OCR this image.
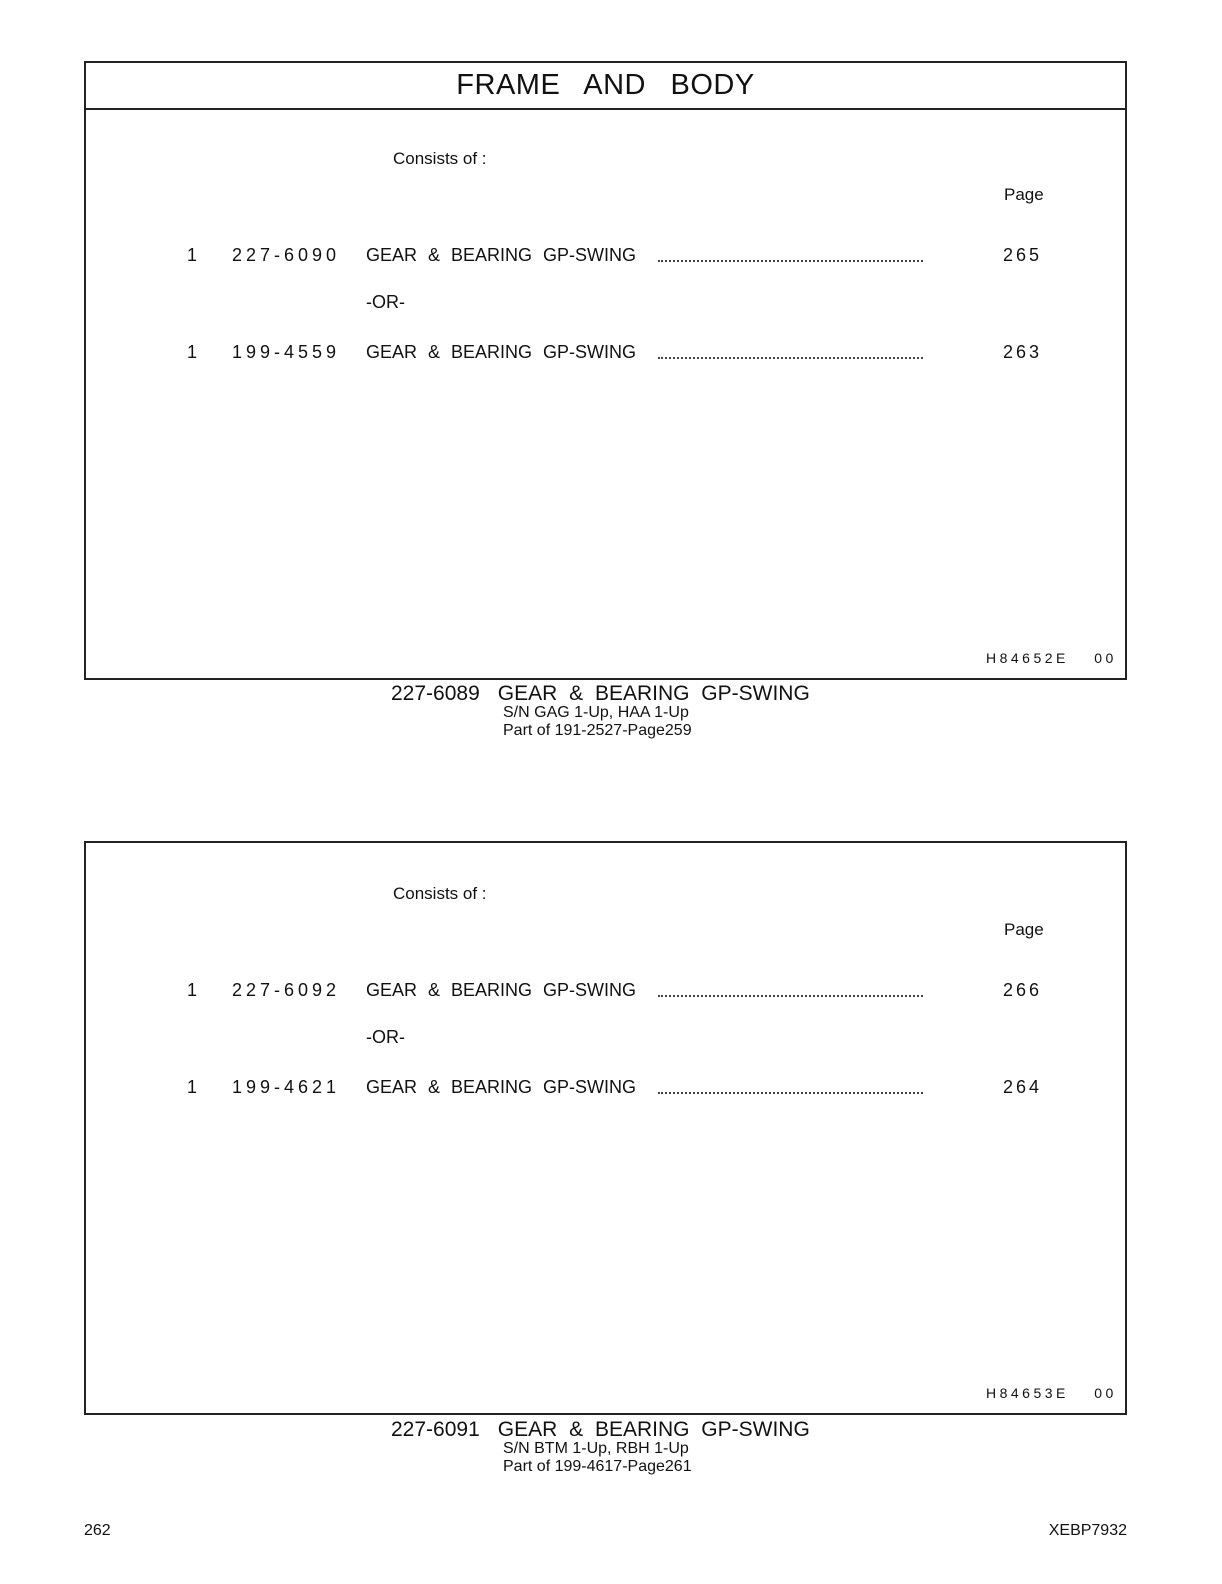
FRAME AND BODY
Consists of :
Page
1 227-6090 GEAR & BEARING GP-SWING	265
-OR-
1 199-4559 GEAR & BEARING GP-SWING	263
H84652E 00
227-6089 GEAR & BEARING GP-SWING
S/N GAG 1-Up, HAA 1-Up
Part of 191-2527-Page259
Consists of :
Page
1 227-6092 GEAR & BEARING GP-SWING	266
-OR-
1 199-4621 GEAR & BEARING GP-SWING	264
H84653E 00
227-6091 GEAR & BEARING GP-SWING
S/N BTM 1-Up, RBH 1-Up
Part of 199-4617-Page261
262	XEBP7932
